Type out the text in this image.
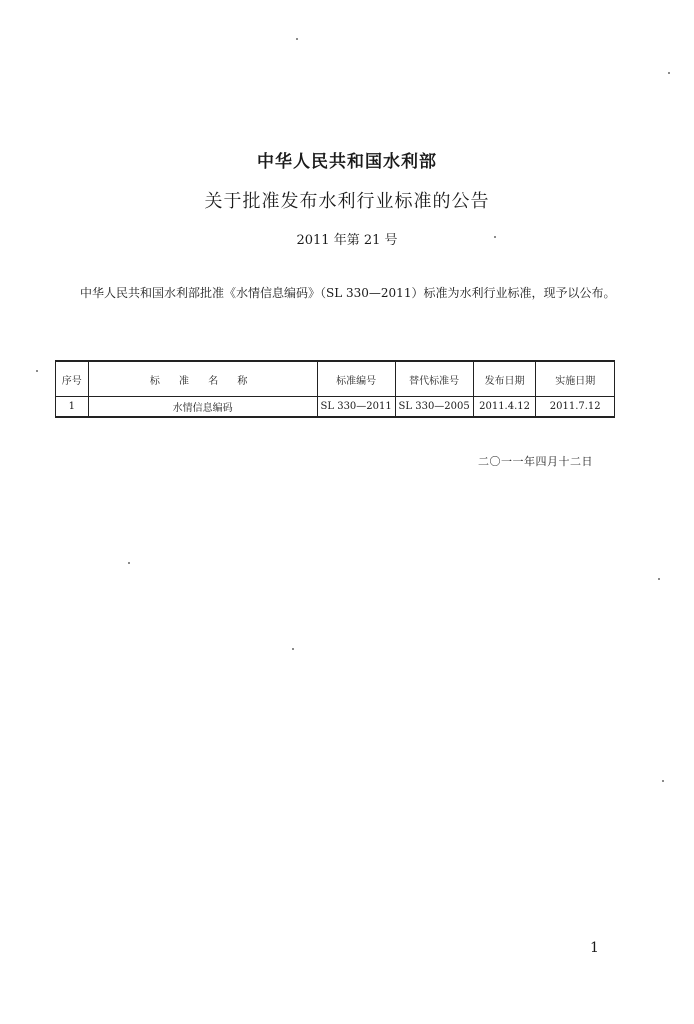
中华人民共和国水利部
关于批准发布水利行业标准的公告
2011 年第 21 号
中华人民共和国水利部批准《水情信息编码》（SL 330—2011）标准为水利行业标准，现予以公布。
序号	标 准 名 称	标准编号	替代标准号	发布日期	实施日期
1	水情信息编码	SL 330—2011	SL 330—2005	2011.4.12	2011.7.12
二〇一一年四月十二日
1
